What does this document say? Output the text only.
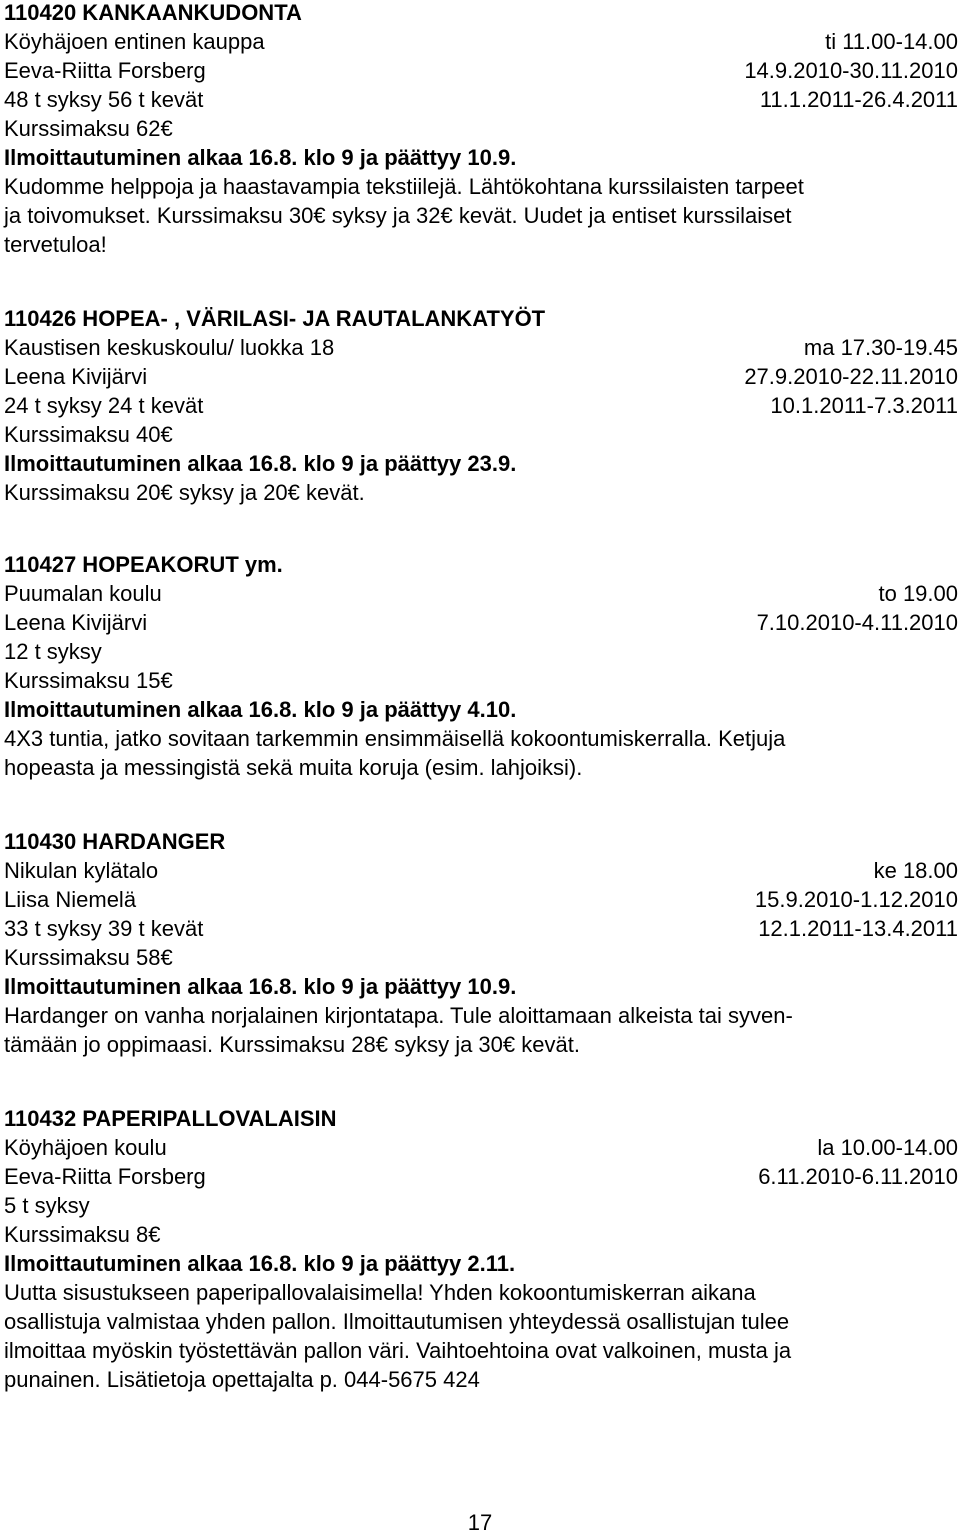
110420 KANKAANKUDONTA
Köyhäjoen entinen kauppa	ti 11.00-14.00
Eeva-Riitta Forsberg	14.9.2010-30.11.2010
48 t syksy 56 t kevät	11.1.2011-26.4.2011
Kurssimaksu 62€
Ilmoittautuminen alkaa 16.8. klo 9 ja päättyy 10.9.
Kudomme helppoja ja haastavampia tekstiilejä. Lähtökohtana kurssilaisten tarpeet
ja toivomukset. Kurssimaksu 30€ syksy ja 32€ kevät. Uudet ja entiset kurssilaiset
tervetuloa!
110426 HOPEA- , VÄRILASI- JA RAUTALANKATYÖT
Kaustisen keskuskoulu/ luokka 18	ma 17.30-19.45
Leena Kivijärvi	27.9.2010-22.11.2010
24 t syksy 24 t kevät	10.1.2011-7.3.2011
Kurssimaksu 40€
Ilmoittautuminen alkaa 16.8. klo 9 ja päättyy 23.9.
Kurssimaksu 20€ syksy ja 20€ kevät.
110427 HOPEAKORUT ym.
Puumalan koulu	to 19.00
Leena Kivijärvi	7.10.2010-4.11.2010
12 t syksy
Kurssimaksu 15€
Ilmoittautuminen alkaa 16.8. klo 9 ja päättyy 4.10.
4X3 tuntia, jatko sovitaan tarkemmin ensimmäisellä kokoontumiskerralla. Ketjuja
hopeasta ja messingistä sekä muita koruja (esim. lahjoiksi).
110430 HARDANGER
Nikulan kylätalo	ke 18.00
Liisa Niemelä	15.9.2010-1.12.2010
33 t syksy 39 t kevät	12.1.2011-13.4.2011
Kurssimaksu 58€
Ilmoittautuminen alkaa 16.8. klo 9 ja päättyy 10.9.
Hardanger on vanha norjalainen kirjontatapa. Tule aloittamaan alkeista tai syven-
tämään jo oppimaasi. Kurssimaksu 28€ syksy ja 30€ kevät.
110432 PAPERIPALLOVALAISIN
Köyhäjoen koulu	la 10.00-14.00
Eeva-Riitta Forsberg	6.11.2010-6.11.2010
5 t syksy
Kurssimaksu 8€
Ilmoittautuminen alkaa 16.8. klo 9 ja päättyy 2.11.
Uutta sisustukseen paperipallovalaisimella! Yhden kokoontumiskerran aikana
osallistuja valmistaa yhden pallon. Ilmoittautumisen yhteydessä osallistujan tulee
ilmoittaa myöskin työstettävän pallon väri. Vaihtoehtoina ovat valkoinen, musta ja
punainen. Lisätietoja opettajalta p. 044-5675 424
17
